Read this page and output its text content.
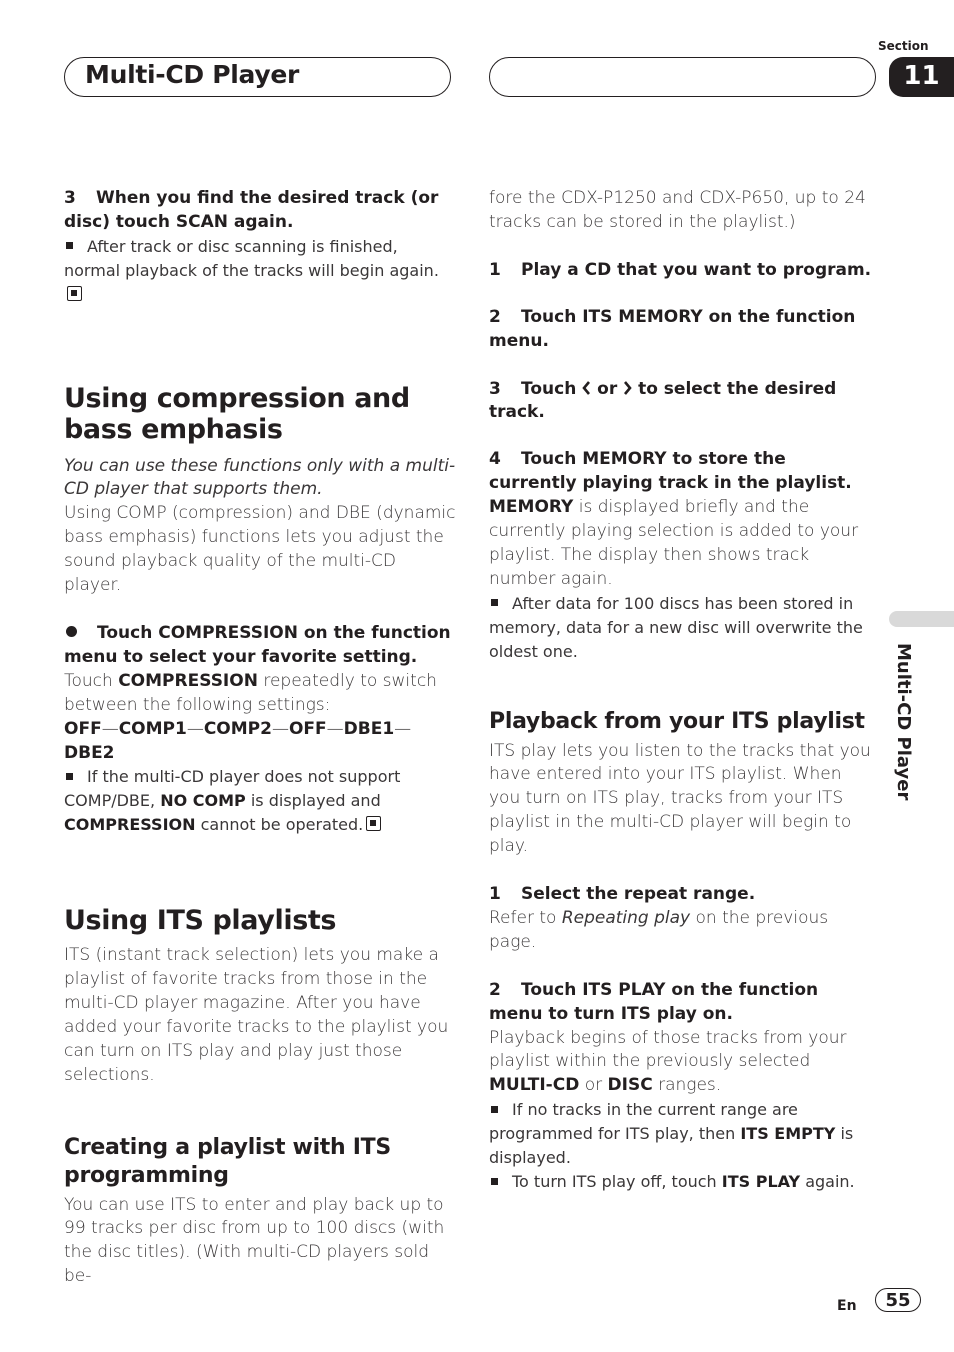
Multi-CD Player
Section
11
Multi-CD Player

3 When you find the desired track (or disc) touch SCAN again.

After track or disc scanning is finished, normal playback of the tracks will begin again.

Using compression and bass emphasis

You can use these functions only with a multi-CD player that supports them.

Using COMP (compression) and DBE (dynamic bass emphasis) functions lets you adjust the sound playback quality of the multi-CD player.

Touch COMPRESSION on the function menu to select your favorite setting.

Touch COMPRESSION repeatedly to switch between the following settings:

OFF—COMP1—COMP2—OFF—DBE1—
DBE2

If the multi-CD player does not support COMP/DBE, NO COMP is displayed and COMPRESSION cannot be operated.

Using ITS playlists

ITS (instant track selection) lets you make a playlist of favorite tracks from those in the multi-CD player magazine. After you have added your favorite tracks to the playlist you can turn on ITS play and play just those selections.

Creating a playlist with ITS programming

You can use ITS to enter and play back up to 99 tracks per disc from up to 100 discs (with the disc titles). (With multi-CD players sold be-

fore the CDX-P1250 and CDX-P650, up to 24 tracks can be stored in the playlist.)

1 Play a CD that you want to program.

2 Touch ITS MEMORY on the function menu.

3 Touch or to select the desired track.

4 Touch MEMORY to store the currently playing track in the playlist.

MEMORY is displayed briefly and the currently playing selection is added to your playlist. The display then shows track number again.

After data for 100 discs has been stored in memory, data for a new disc will overwrite the oldest one.

Playback from your ITS playlist

ITS play lets you listen to the tracks that you have entered into your ITS playlist. When you turn on ITS play, tracks from your ITS playlist in the multi-CD player will begin to play.

1 Select the repeat range.

Refer to Repeating play on the previous page.

2 Touch ITS PLAY on the function menu to turn ITS play on.

Playback begins of those tracks from your playlist within the previously selected MULTI-CD or DISC ranges.

If no tracks in the current range are programmed for ITS play, then ITS EMPTY is displayed.

To turn ITS play off, touch ITS PLAY again.

En	55
